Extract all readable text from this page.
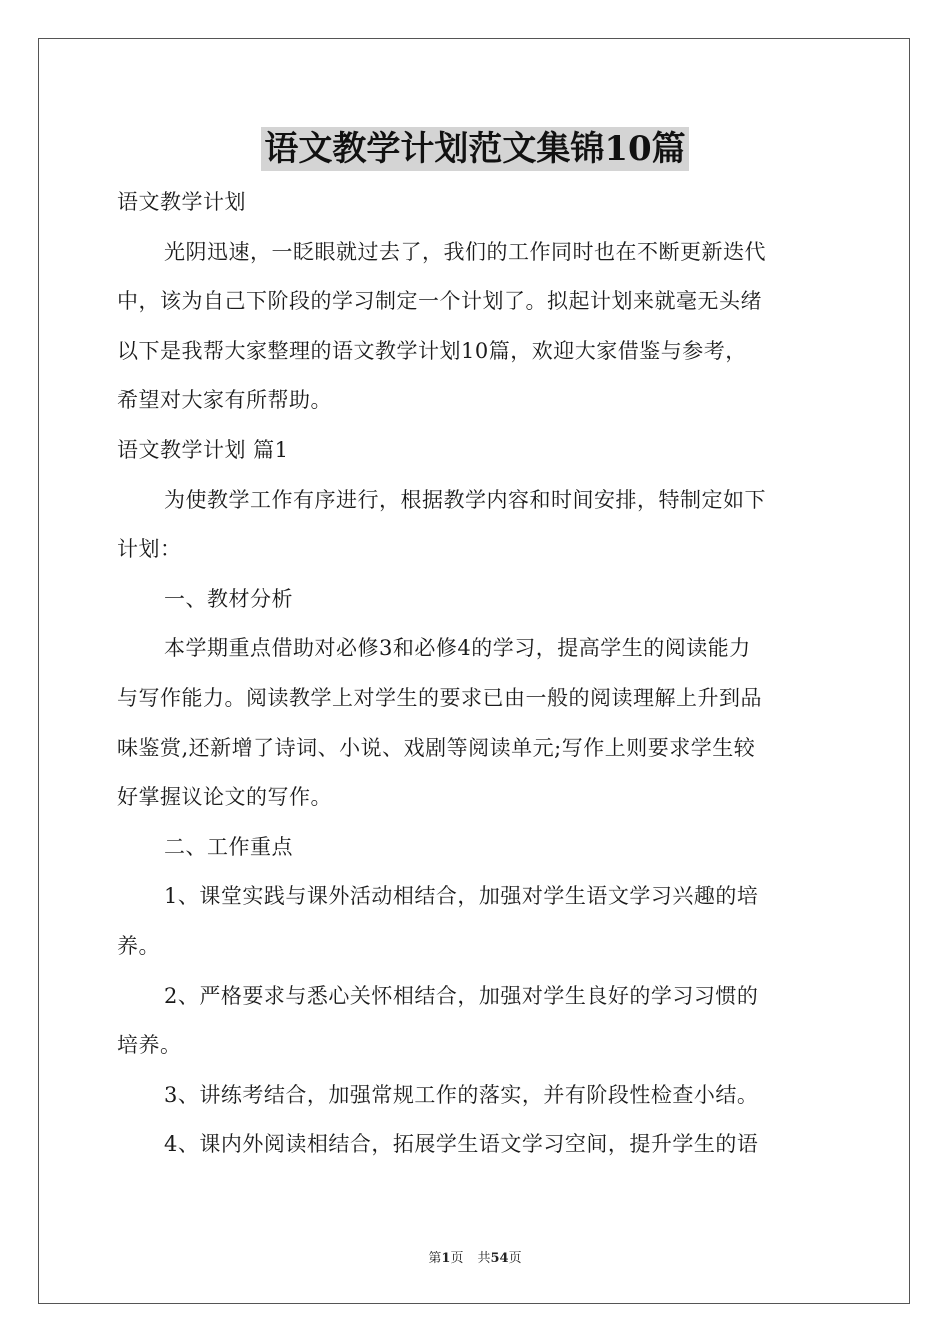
语文教学计划范文集锦10篇
语文教学计划
光阴迅速，一眨眼就过去了，我们的工作同时也在不断更新迭代
中，该为自己下阶段的学习制定一个计划了。拟起计划来就毫无头绪
以下是我帮大家整理的语文教学计划10篇，欢迎大家借鉴与参考，
希望对大家有所帮助。
语文教学计划 篇1
为使教学工作有序进行，根据教学内容和时间安排，特制定如下
计划：
一、教材分析
本学期重点借助对必修3和必修4的学习，提高学生的阅读能力
与写作能力。阅读教学上对学生的要求已由一般的阅读理解上升到品
味鉴赏,还新增了诗词、小说、戏剧等阅读单元;写作上则要求学生较
好掌握议论文的写作。
二、工作重点
1、课堂实践与课外活动相结合，加强对学生语文学习兴趣的培
养。
2、严格要求与悉心关怀相结合，加强对学生良好的学习习惯的
培养。
3、讲练考结合，加强常规工作的落实，并有阶段性检查小结。
4、课内外阅读相结合，拓展学生语文学习空间，提升学生的语
第1页 共54页
